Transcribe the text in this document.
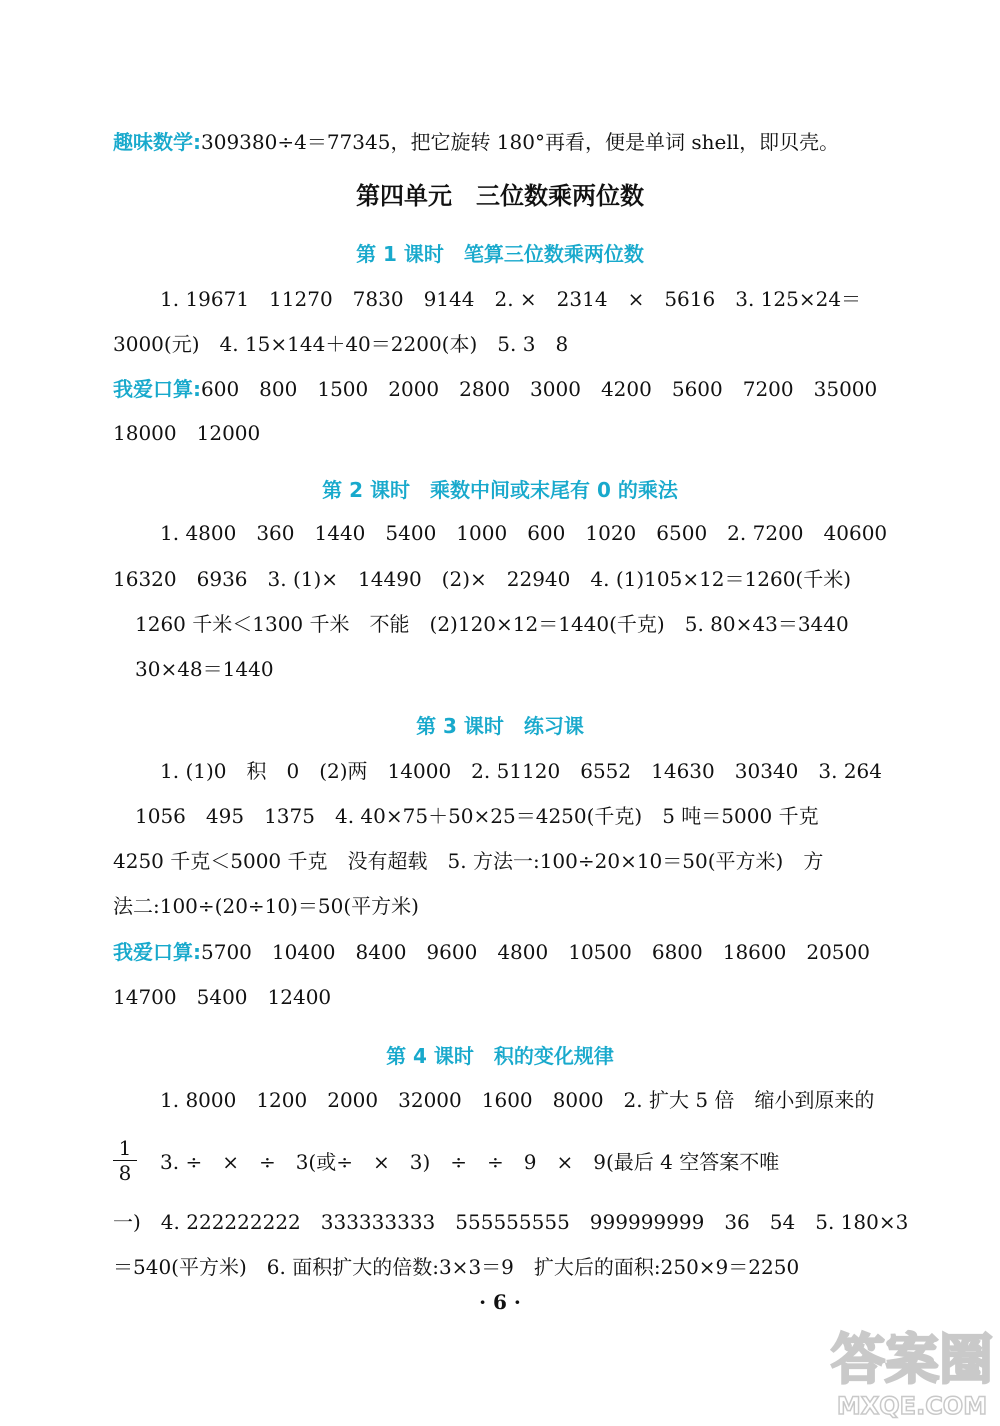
趣味数学:309380÷4＝77345，把它旋转 180°再看，便是单词 shell，即贝壳。
第四单元　三位数乘两位数
第 1 课时　笔算三位数乘两位数
1. 19671　11270　7830　9144　2. ×　2314　×　5616　3. 125×24＝
3000(元)　4. 15×144＋40＝2200(本)　5. 3　8
我爱口算:600　800　1500　2000　2800　3000　4200　5600　7200　35000
18000　12000
第 2 课时　乘数中间或末尾有 0 的乘法
1. 4800　360　1440　5400　1000　600　1020　6500　2. 7200　40600
16320　6936　3. (1)×　14490　(2)×　22940　4. (1)105×12＝1260(千米)
1260 千米＜1300 千米　不能　(2)120×12＝1440(千克)　5. 80×43＝3440
30×48＝1440
第 3 课时　练习课
1. (1)0　积　0　(2)两　14000　2. 51120　6552　14630　30340　3. 264
1056　495　1375　4. 40×75＋50×25＝4250(千克)　5 吨＝5000 千克
4250 千克＜5000 千克　没有超载　5. 方法一:100÷20×10＝50(平方米)　方
法二:100÷(20÷10)＝50(平方米)
我爱口算:5700　10400　8400　9600　4800　10500　6800　18600　20500
14700　5400　12400
第 4 课时　积的变化规律
1. 8000　1200　2000　32000　1600　8000　2. 扩大 5 倍　缩小到原来的
$\frac{1}{8} 3$. ÷　×　÷　3(或÷　×　3)　÷　÷　9　×　9(最后 4 空答案不唯
一)　4. 222222222　333333333　555555555　999999999　36　54　5. 180×3
＝540(平方米)　6. 面积扩大的倍数:3×3＝9　扩大后的面积:250×9＝2250
· 6 ·
答案圈
MXQE.COM
